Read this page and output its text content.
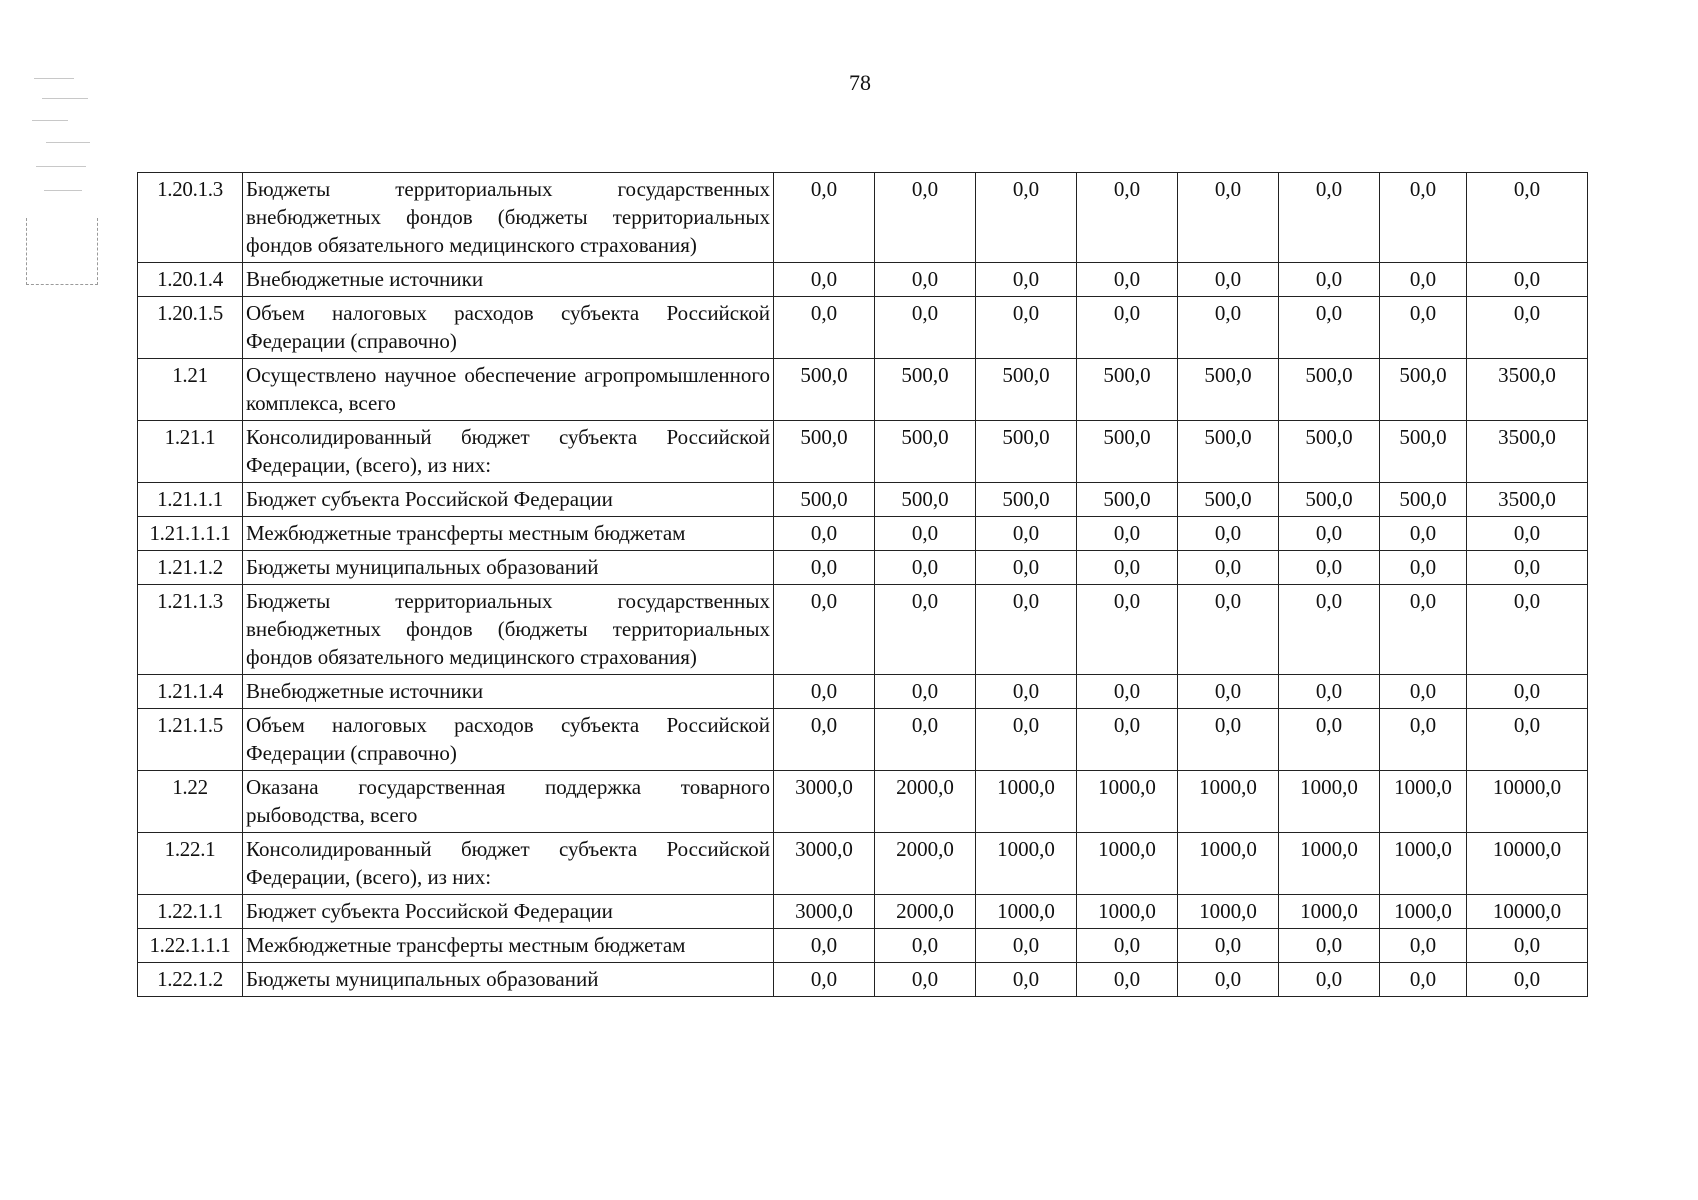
78
1.20.1.3	Бюджеты территориальных государственных внебюджетных фондов (бюджеты территориальных фондов обязательного медицинского страхования)	0,0	0,0	0,0	0,0	0,0	0,0	0,0	0,0
1.20.1.4	Внебюджетные источники	0,0	0,0	0,0	0,0	0,0	0,0	0,0	0,0
1.20.1.5	Объем налоговых расходов субъекта Российской Федерации (справочно)	0,0	0,0	0,0	0,0	0,0	0,0	0,0	0,0
1.21	Осуществлено научное обеспечение агропромышленного комплекса, всего	500,0	500,0	500,0	500,0	500,0	500,0	500,0	3500,0
1.21.1	Консолидированный бюджет субъекта Российской Федерации, (всего), из них:	500,0	500,0	500,0	500,0	500,0	500,0	500,0	3500,0
1.21.1.1	Бюджет субъекта Российской Федерации	500,0	500,0	500,0	500,0	500,0	500,0	500,0	3500,0
1.21.1.1.1	Межбюджетные трансферты местным бюджетам	0,0	0,0	0,0	0,0	0,0	0,0	0,0	0,0
1.21.1.2	Бюджеты муниципальных образований	0,0	0,0	0,0	0,0	0,0	0,0	0,0	0,0
1.21.1.3	Бюджеты территориальных государственных внебюджетных фондов (бюджеты территориальных фондов обязательного медицинского страхования)	0,0	0,0	0,0	0,0	0,0	0,0	0,0	0,0
1.21.1.4	Внебюджетные источники	0,0	0,0	0,0	0,0	0,0	0,0	0,0	0,0
1.21.1.5	Объем налоговых расходов субъекта Российской Федерации (справочно)	0,0	0,0	0,0	0,0	0,0	0,0	0,0	0,0
1.22	Оказана государственная поддержка товарного рыбоводства, всего	3000,0	2000,0	1000,0	1000,0	1000,0	1000,0	1000,0	10000,0
1.22.1	Консолидированный бюджет субъекта Российской Федерации, (всего), из них:	3000,0	2000,0	1000,0	1000,0	1000,0	1000,0	1000,0	10000,0
1.22.1.1	Бюджет субъекта Российской Федерации	3000,0	2000,0	1000,0	1000,0	1000,0	1000,0	1000,0	10000,0
1.22.1.1.1	Межбюджетные трансферты местным бюджетам	0,0	0,0	0,0	0,0	0,0	0,0	0,0	0,0
1.22.1.2	Бюджеты муниципальных образований	0,0	0,0	0,0	0,0	0,0	0,0	0,0	0,0
